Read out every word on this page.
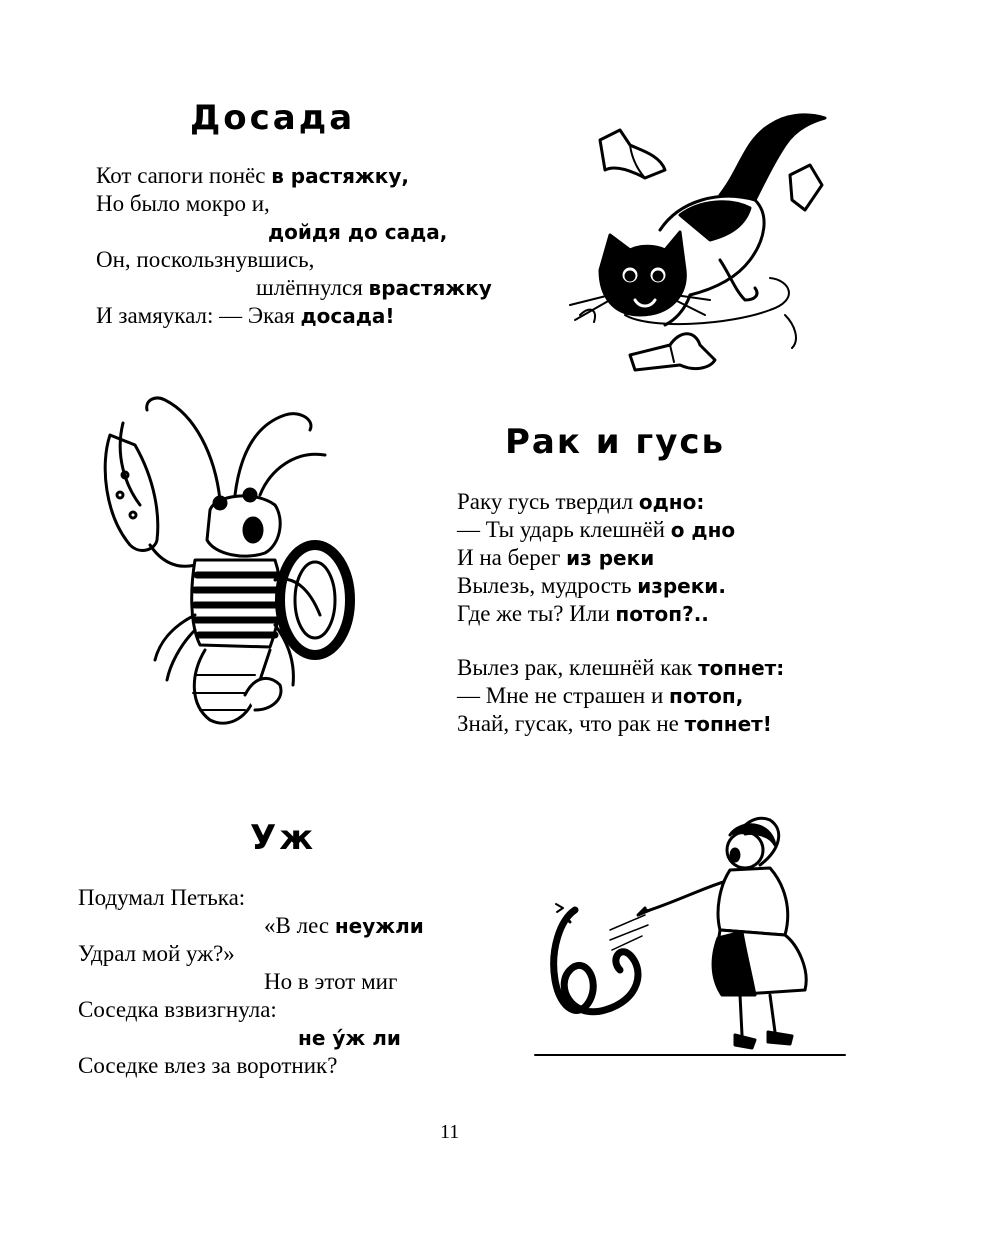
Досада
Кот сапоги понёс в растяжку,
Но было мокро и,
дойдя до сада,
Он, поскользнувшись,
шлёпнулся врастяжку
И замяукал: — Экая досада!
Рак и гусь
Раку гусь твердил одно:
— Ты ударь клешнёй о дно
И на берег из реки
Вылезь, мудрость изреки.
Где же ты? Или потоп?..
Вылез рак, клешнёй как топнет:
— Мне не страшен и потоп,
Знай, гусак, что рак не топнет!
Уж
Подумал Петька:
«В лес неужли
Удрал мой уж?»
Но в этот миг
Соседка взвизгнула:
не у́ж ли
Соседке влез за воротник?
11
